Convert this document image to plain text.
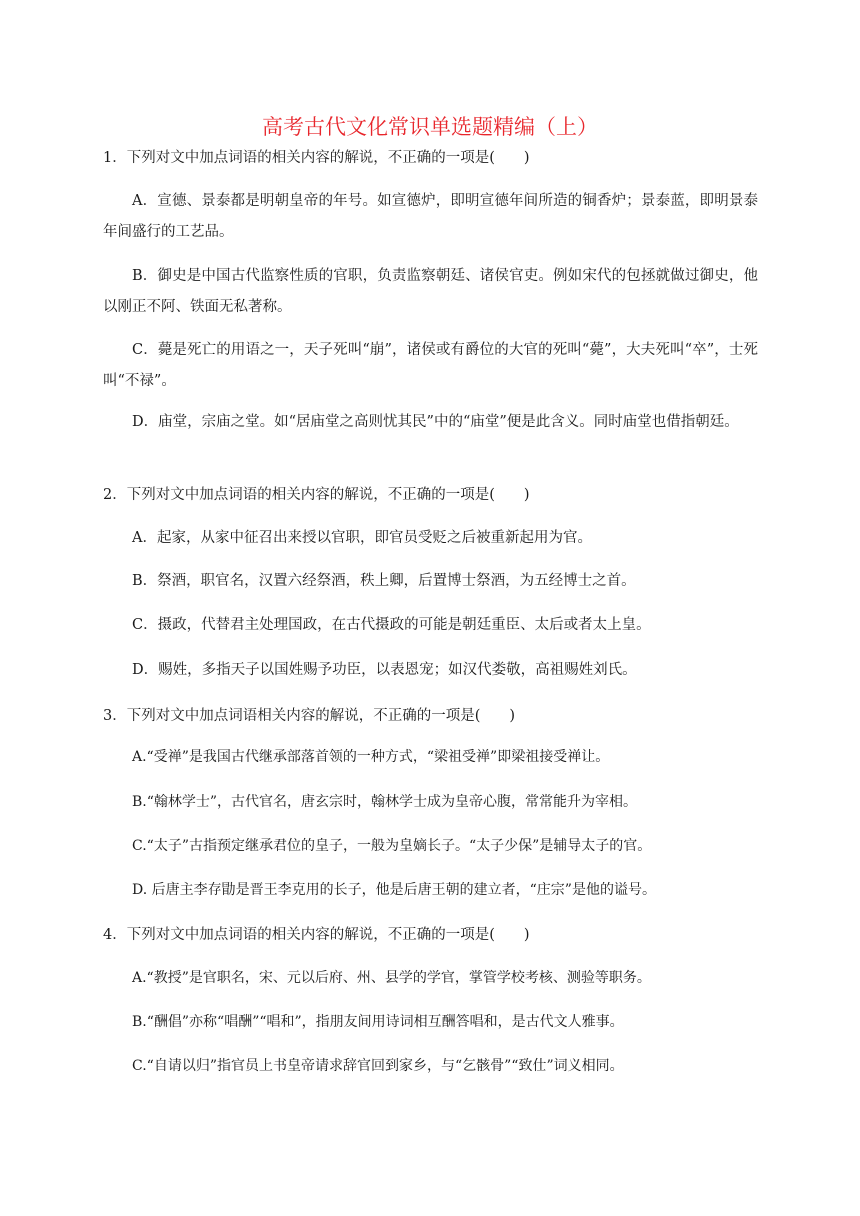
高考古代文化常识单选题精编（上）
1．下列对文中加点词语的相关内容的解说，不正确的一项是(　　)
A．宣德、景泰都是明朝皇帝的年号。如宣德炉，即明宣德年间所造的铜香炉；景泰蓝，即明景泰年间盛行的工艺品。
B．御史是中国古代监察性质的官职，负责监察朝廷、诸侯官吏。例如宋代的包拯就做过御史，他以刚正不阿、铁面无私著称。
C．薨是死亡的用语之一，天子死叫“崩”，诸侯或有爵位的大官的死叫“薨”，大夫死叫“卒”，士死叫“不禄”。
D．庙堂，宗庙之堂。如“居庙堂之高则忧其民”中的“庙堂”便是此含义。同时庙堂也借指朝廷。
2．下列对文中加点词语的相关内容的解说，不正确的一项是(　　)
A．起家，从家中征召出来授以官职，即官员受贬之后被重新起用为官。
B．祭酒，职官名，汉置六经祭酒，秩上卿，后置博士祭酒，为五经博士之首。
C．摄政，代替君主处理国政，在古代摄政的可能是朝廷重臣、太后或者太上皇。
D．赐姓，多指天子以国姓赐予功臣，以表恩宠；如汉代娄敬，高祖赐姓刘氏。
3．下列对文中加点词语相关内容的解说，不正确的一项是(　　)
A.“受禅”是我国古代继承部落首领的一种方式，“梁祖受禅”即梁祖接受禅让。
B.“翰林学士”，古代官名，唐玄宗时，翰林学士成为皇帝心腹，常常能升为宰相。
C.“太子”古指预定继承君位的皇子，一般为皇嫡长子。“太子少保”是辅导太子的官。
D. 后唐主李存勖是晋王李克用的长子，他是后唐王朝的建立者，“庄宗”是他的谥号。
4．下列对文中加点词语的相关内容的解说，不正确的一项是(　　)
A.“教授”是官职名，宋、元以后府、州、县学的学官，掌管学校考核、测验等职务。
B.“酬倡”亦称“唱酬”“唱和”，指朋友间用诗词相互酬答唱和，是古代文人雅事。
C.“自请以归”指官员上书皇帝请求辞官回到家乡，与“乞骸骨”“致仕”词义相同。
